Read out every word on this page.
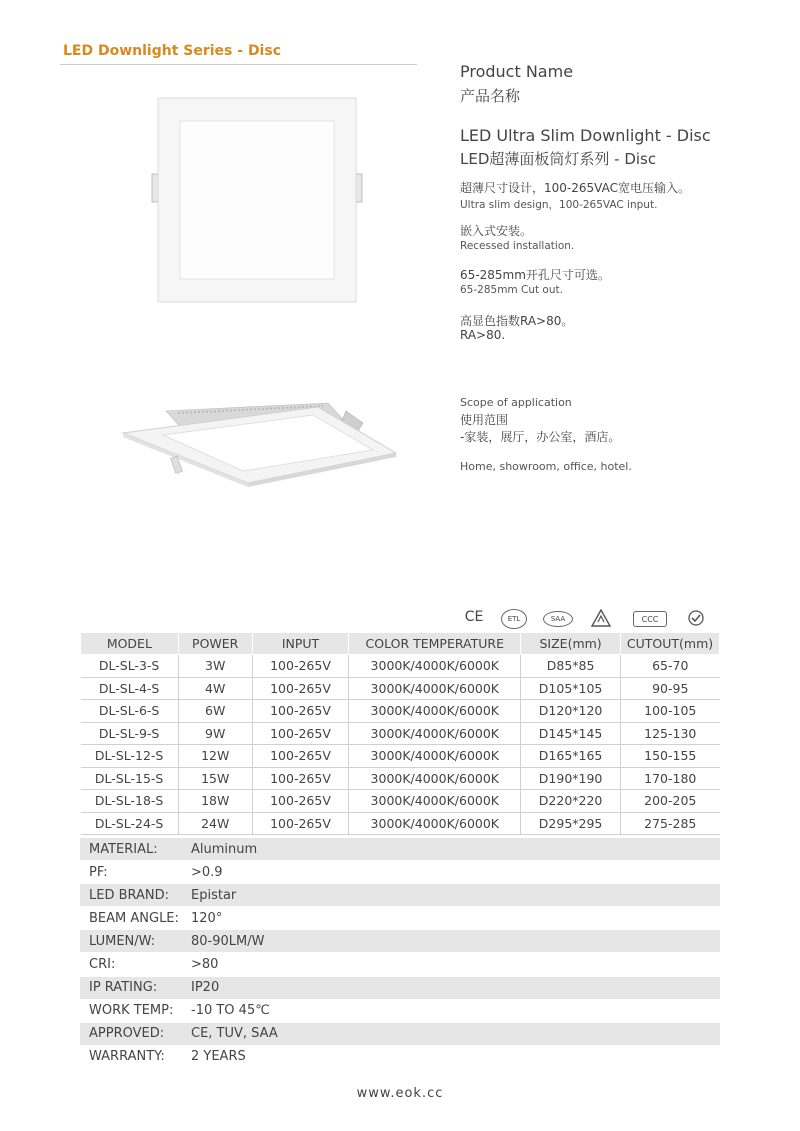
LED Downlight Series - Disc
Product Name
产品名称
LED Ultra Slim Downlight - Disc
LED超薄面板筒灯系列 - Disc
超薄尺寸设计，100-265VAC宽电压输入。
Ultra slim design，100-265VAC input.
嵌入式安装。
Recessed installation.
65-285mm开孔尺寸可选。
65-285mm Cut out.
高显色指数RA>80。
RA>80.
Scope of application
使用范围
-家装，展厅，办公室，酒店。
Home, showroom, office, hotel.
CE	ETL	SAA	CCC
MODEL	POWER	INPUT	COLOR TEMPERATURE	SIZE(mm)	CUTOUT(mm)
DL-SL-3-S	3W	100-265V	3000K/4000K/6000K	D85*85	65-70
DL-SL-4-S	4W	100-265V	3000K/4000K/6000K	D105*105	90-95
DL-SL-6-S	6W	100-265V	3000K/4000K/6000K	D120*120	100-105
DL-SL-9-S	9W	100-265V	3000K/4000K/6000K	D145*145	125-130
DL-SL-12-S	12W	100-265V	3000K/4000K/6000K	D165*165	150-155
DL-SL-15-S	15W	100-265V	3000K/4000K/6000K	D190*190	170-180
DL-SL-18-S	18W	100-265V	3000K/4000K/6000K	D220*220	200-205
DL-SL-24-S	24W	100-265V	3000K/4000K/6000K	D295*295	275-285
MATERIAL:	Aluminum
PF:	>0.9
LED BRAND:	Epistar
BEAM ANGLE: 120°
LUMEN/W:	80-90LM/W
CRI:	>80
IP RATING:	IP20
WORK TEMP:	-10 TO 45℃
APPROVED:	CE, TUV, SAA
WARRANTY:	2 YEARS
www.eok.cc
